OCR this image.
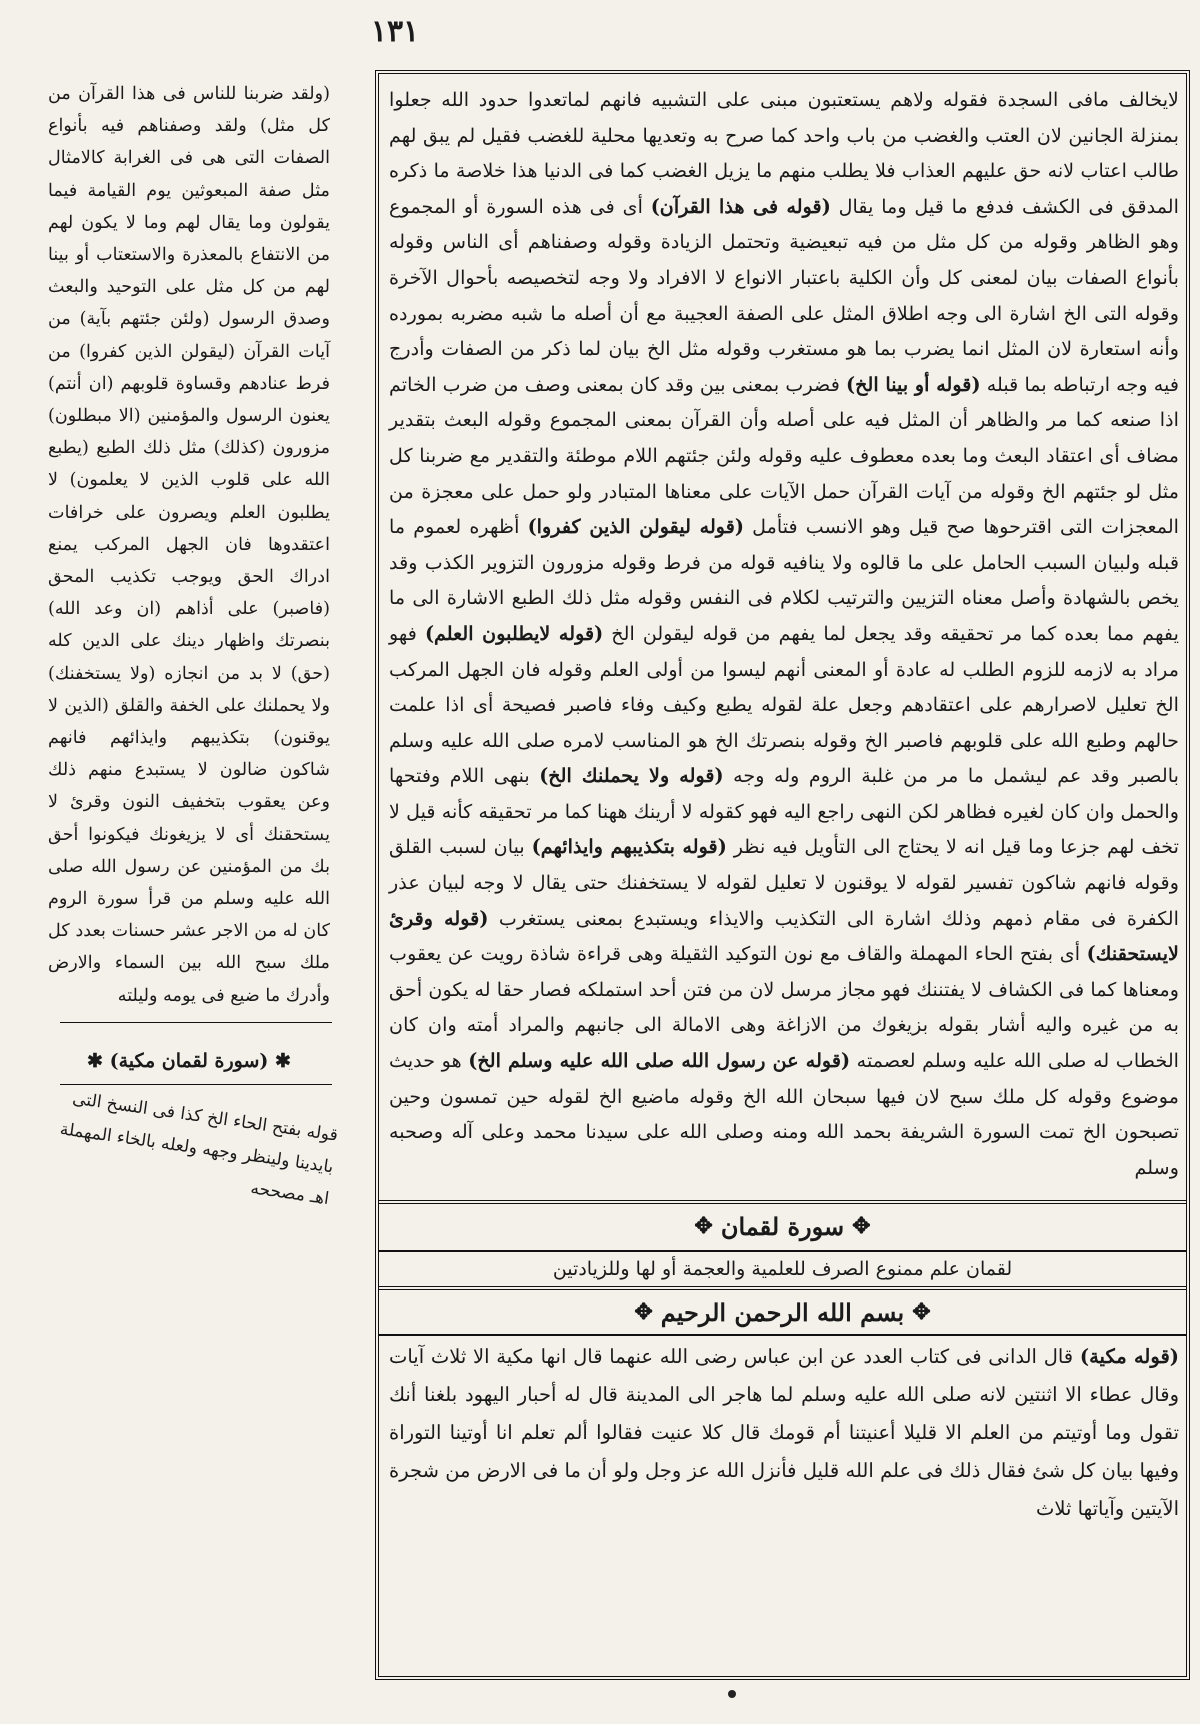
١٣١

لايخالف مافى السجدة فقوله ولاهم يستعتبون مبنى على التشبيه فانهم لماتعدوا حدود الله جعلوا بمنزلة الجانين لان العتب والغضب من باب واحد كما صرح به وتعديها محلية للغضب فقيل لم يبق لهم طالب اعتاب لانه حق عليهم العذاب فلا يطلب منهم ما يزيل الغضب كما فى الدنيا هذا خلاصة ما ذكره المدقق فى الكشف فدفع ما قيل وما يقال (قوله فى هذا القرآن) أى فى هذه السورة أو المجموع وهو الظاهر وقوله من كل مثل من فيه تبعيضية وتحتمل الزيادة وقوله وصفناهم أى الناس وقوله بأنواع الصفات بيان لمعنى كل وأن الكلية باعتبار الانواع لا الافراد ولا وجه لتخصيصه بأحوال الآخرة وقوله التى الخ اشارة الى وجه اطلاق المثل على الصفة العجيبة مع أن أصله ما شبه مضربه بمورده وأنه استعارة لان المثل انما يضرب بما هو مستغرب وقوله مثل الخ بيان لما ذكر من الصفات وأدرج فيه وجه ارتباطه بما قبله (قوله أو بينا الخ) فضرب بمعنى بين وقد كان بمعنى وصف من ضرب الخاتم اذا صنعه كما مر والظاهر أن المثل فيه على أصله وأن القرآن بمعنى المجموع وقوله البعث بتقدير مضاف أى اعتقاد البعث وما بعده معطوف عليه وقوله ولئن جئتهم اللام موطئة والتقدير مع ضربنا كل مثل لو جئتهم الخ وقوله من آيات القرآن حمل الآيات على معناها المتبادر ولو حمل على معجزة من المعجزات التى اقترحوها صح قيل وهو الانسب فتأمل (قوله ليقولن الذين كفروا) أظهره لعموم ما قبله ولبيان السبب الحامل على ما قالوه ولا ينافيه قوله من فرط وقوله مزورون التزوير الكذب وقد يخص بالشهادة وأصل معناه التزيين والترتيب لكلام فى النفس وقوله مثل ذلك الطبع الاشارة الى ما يفهم مما بعده كما مر تحقيقه وقد يجعل لما يفهم من قوله ليقولن الخ (قوله لايطلبون العلم) فهو مراد به لازمه للزوم الطلب له عادة أو المعنى أنهم ليسوا من أولى العلم وقوله فان الجهل المركب الخ تعليل لاصرارهم على اعتقادهم وجعل علة لقوله يطبع وكيف وفاء فاصبر فصيحة أى اذا علمت حالهم وطبع الله على قلوبهم فاصبر الخ وقوله بنصرتك الخ هو المناسب لامره صلى الله عليه وسلم بالصبر وقد عم ليشمل ما مر من غلبة الروم وله وجه (قوله ولا يحملنك الخ) بنهى اللام وفتحها والحمل وان كان لغيره فظاهر لكن النهى راجع اليه فهو كقوله لا أرينك ههنا كما مر تحقيقه كأنه قيل لا تخف لهم جزعا وما قيل انه لا يحتاج الى التأويل فيه نظر (قوله بتكذيبهم وايذائهم) بيان لسبب القلق وقوله فانهم شاكون تفسير لقوله لا يوقنون لا تعليل لقوله لا يستخفنك حتى يقال لا وجه لبيان عذر الكفرة فى مقام ذمهم وذلك اشارة الى التكذيب والايذاء ويستبدع بمعنى يستغرب (قوله وقرئ لايستحقنك) أى بفتح الحاء المهملة والقاف مع نون التوكيد الثقيلة وهى قراءة شاذة رويت عن يعقوب ومعناها كما فى الكشاف لا يفتننك فهو مجاز مرسل لان من فتن أحد استملكه فصار حقا له يكون أحق به من غيره واليه أشار بقوله بزيغوك من الازاغة وهى الامالة الى جانبهم والمراد أمته وان كان الخطاب له صلى الله عليه وسلم لعصمته (قوله عن رسول الله صلى الله عليه وسلم الخ) هو حديث موضوع وقوله كل ملك سبح لان فيها سبحان الله الخ وقوله ماضيع الخ لقوله حين تمسون وحين تصبحون الخ تمت السورة الشريفة بحمد الله ومنه وصلى الله على سيدنا محمد وعلى آله وصحبه وسلم

✥
سورة لقمان
✥
لقمان علم ممنوع الصرف للعلمية والعجمة أو لها وللزيادتين
✥
بسم الله الرحمن الرحيم
✥
(قوله مكية) قال الدانى فى كتاب العدد عن ابن عباس رضى الله عنهما قال انها مكية الا ثلاث آيات وقال عطاء الا اثنتين لانه صلى الله عليه وسلم لما هاجر الى المدينة قال له أحبار اليهود بلغنا أنك تقول وما أوتيتم من العلم الا قليلا أعنيتنا أم قومك قال كلا عنيت فقالوا ألم تعلم انا أوتينا التوراة وفيها بيان كل شئ فقال ذلك فى علم الله قليل فأنزل الله عز وجل ولو أن ما فى الارض من شجرة الآيتين وآياتها ثلاث

(ولقد ضربنا للناس فى هذا القرآن من كل مثل) ولقد وصفناهم فيه بأنواع الصفات التى هى فى الغرابة كالامثال مثل صفة المبعوثين يوم القيامة فيما يقولون وما يقال لهم وما لا يكون لهم من الانتفاع بالمعذرة والاستعتاب أو بينا لهم من كل مثل على التوحيد والبعث وصدق الرسول (ولئن جئتهم بآية) من آيات القرآن (ليقولن الذين كفروا) من فرط عنادهم وقساوة قلوبهم (ان أنتم) يعنون الرسول والمؤمنين (الا مبطلون) مزورون (كذلك) مثل ذلك الطبع (يطبع الله على قلوب الذين لا يعلمون) لا يطلبون العلم ويصرون على خرافات اعتقدوها فان الجهل المركب يمنع ادراك الحق ويوجب تكذيب المحق (فاصبر) على أذاهم (ان وعد الله) بنصرتك واظهار دينك على الدين كله (حق) لا بد من انجازه (ولا يستخفنك) ولا يحملنك على الخفة والقلق (الذين لا يوقنون) بتكذيبهم وايذائهم فانهم شاكون ضالون لا يستبدع منهم ذلك وعن يعقوب بتخفيف النون وقرئ لا يستحقنك أى لا يزيغونك فيكونوا أحق بك من المؤمنين عن رسول الله صلى الله عليه وسلم من قرأ سورة الروم كان له من الاجر عشر حسنات بعدد كل ملك سبح الله بين السماء والارض وأدرك ما ضيع فى يومه وليلته

✱ (سورة لقمان مكية) ✱
قوله بفتح الحاء الخ كذا فى النسخ التى بايدينا ولينظر وجهه ولعله بالخاء المهملة اهـ مصححه
